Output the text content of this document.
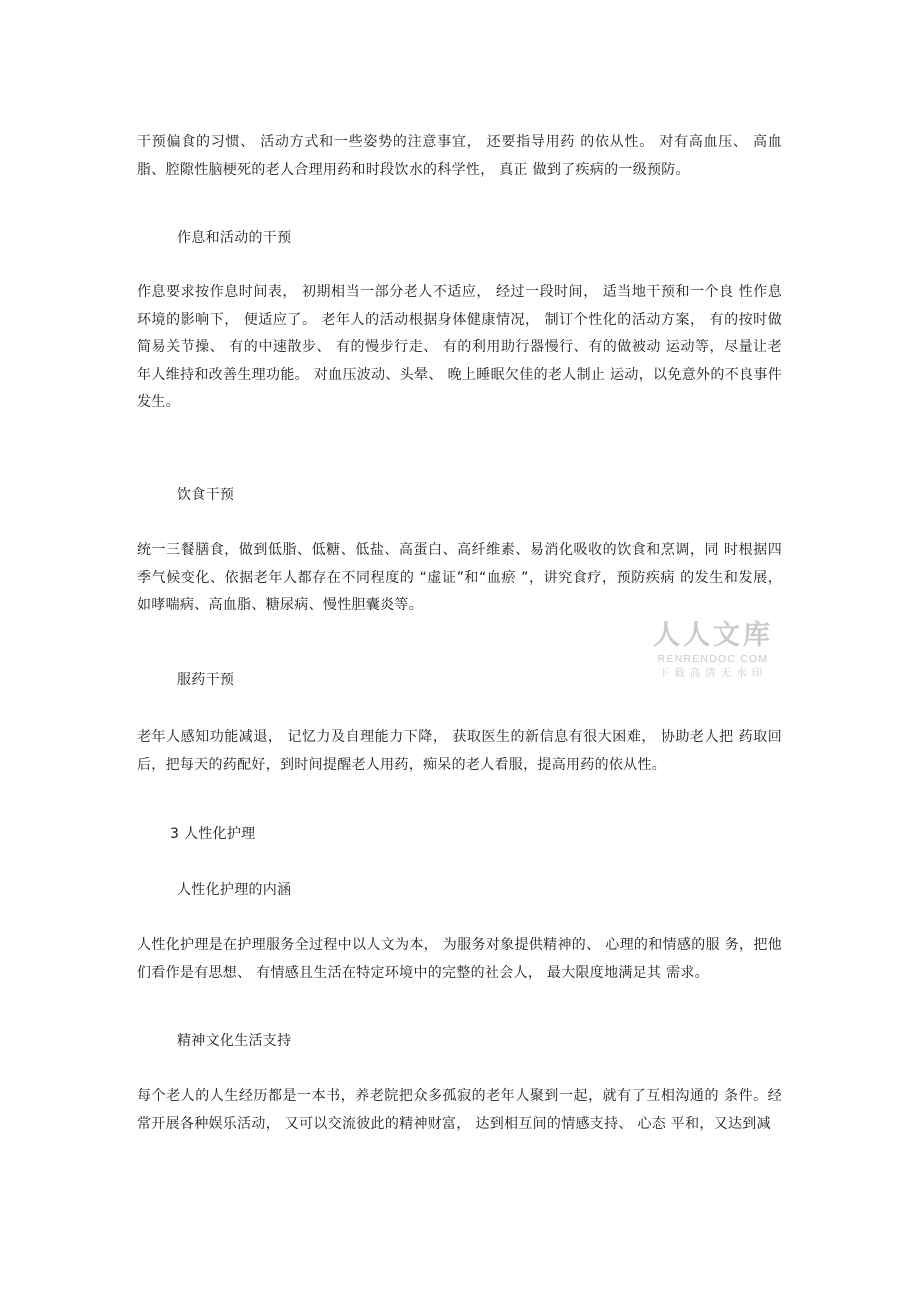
干预偏食的习惯、 活动方式和一些姿势的注意事宜， 还要指导用药 的依从性。 对有高血压、 高血脂、腔隙性脑梗死的老人合理用药和时段饮水的科学性， 真正 做到了疾病的一级预防。

作息和活动的干预

作息要求按作息时间表， 初期相当一部分老人不适应， 经过一段时间， 适当地干预和一个良 性作息环境的影响下， 便适应了。 老年人的活动根据身体健康情况， 制订个性化的活动方案， 有的按时做简易关节操、 有的中速散步、 有的慢步行走、 有的利用助行器慢行、有的做被动 运动等，尽量让老年人维持和改善生理功能。 对血压波动、头晕、 晚上睡眠欠佳的老人制止 运动，以免意外的不良事件发生。

饮食干预

统一三餐膳食，做到低脂、低糖、低盐、高蛋白、高纤维素、易消化吸收的饮食和烹调，同 时根据四季气候变化、依据老年人都存在不同程度的 “虚证”和“血瘀 ”，讲究食疗，预防疾病 的发生和发展，如哮喘病、高血脂、糖尿病、慢性胆囊炎等。

服药干预

老年人感知功能减退， 记忆力及自理能力下降， 获取医生的新信息有很大困难， 协助老人把 药取回后，把每天的药配好，到时间提醒老人用药，痴呆的老人看服，提高用药的依从性。

3 人性化护理

人性化护理的内涵

人性化护理是在护理服务全过程中以人文为本， 为服务对象提供精神的、 心理的和情感的服 务，把他们看作是有思想、 有情感且生活在特定环境中的完整的社会人， 最大限度地满足其 需求。

精神文化生活支持

每个老人的人生经历都是一本书，养老院把众多孤寂的老年人聚到一起，就有了互相沟通的 条件。经常开展各种娱乐活动， 又可以交流彼此的精神财富， 达到相互间的情感支持、 心态 平和，又达到减

人人文库
RENRENDOC.COM
下载高清无水印
